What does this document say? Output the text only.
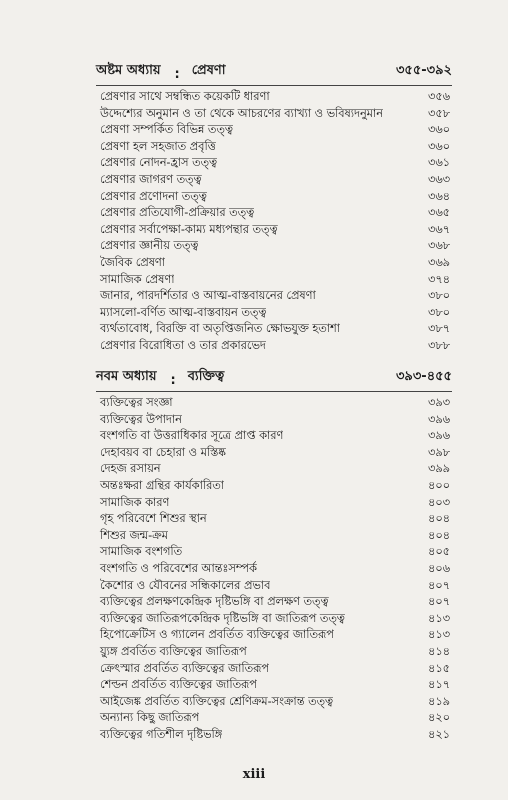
অষ্টম অধ্যায় : প্রেষণা	৩৫৫-৩৯২
প্রেষণার সাথে সম্বন্ধিত কয়েকটি ধারণা	৩৫৬
উদ্দেশ্যের অনুমান ও তা থেকে আচরণের ব্যাখ্যা ও ভবিষ্যদনুমান	৩৫৮
প্রেষণা সম্পর্কিত বিভিন্ন তত্ত্ব	৩৬০
প্রেষণা হল সহজাত প্রবৃত্তি	৩৬০
প্রেষণার নোদন-হ্রাস তত্ত্ব	৩৬১
প্রেষণার জাগরণ তত্ত্ব	৩৬৩
প্রেষণার প্রণোদনা তত্ত্ব	৩৬৪
প্রেষণার প্রতিযোগী-প্রক্রিয়ার তত্ত্ব	৩৬৫
প্রেষণার সর্বাপেক্ষা-কাম্য মধ্যপন্থার তত্ত্ব	৩৬৭
প্রেষণার জ্ঞানীয় তত্ত্ব	৩৬৮
জৈবিক প্রেষণা	৩৬৯
সামাজিক প্রেষণা	৩৭৪
জানার, পারদর্শিতার ও আত্ম-বাস্তবায়নের প্রেষণা	৩৮০
ম্যাসলো-বর্ণিত আত্ম-বাস্তবায়ন তত্ত্ব	৩৮০
ব্যর্থতাবোধ, বিরক্তি বা অতৃপ্তিজনিত ক্ষোভযুক্ত হতাশা	৩৮৭
প্রেষণার বিরোধিতা ও তার প্রকারভেদ	৩৮৮
নবম অধ্যায় : ব্যক্তিত্ব	৩৯৩-৪৫৫
ব্যক্তিত্বের সংজ্ঞা	৩৯৩
ব্যক্তিত্বের উপাদান	৩৯৬
বংশগতি বা উত্তরাধিকার সূত্রে প্রাপ্ত কারণ	৩৯৬
দেহাবয়ব বা চেহারা ও মস্তিষ্ক	৩৯৮
দেহজ রসায়ন	৩৯৯
অন্তঃক্ষরা গ্রন্থির কার্যকারিতা	৪০০
সামাজিক কারণ	৪০৩
গৃহ পরিবেশে শিশুর স্থান	৪০৪
শিশুর জন্ম-ক্রম	৪০৪
সামাজিক বংশগতি	৪০৫
বংশগতি ও পরিবেশের আন্তঃসম্পর্ক	৪০৬
কৈশোর ও যৌবনের সন্ধিকালের প্রভাব	৪০৭
ব্যক্তিত্বের প্রলক্ষণকেন্দ্রিক দৃষ্টিভঙ্গি বা প্রলক্ষণ তত্ত্ব	৪০৭
ব্যক্তিত্বের জাতিরূপকেন্দ্রিক দৃষ্টিভঙ্গি বা জাতিরূপ তত্ত্ব	৪১৩
হিপোক্রেটিস ও গ্যালেন প্রবর্তিত ব্যক্তিত্বের জাতিরূপ	৪১৩
য়্যুঙ্গ প্রবর্তিত ব্যক্তিত্বের জাতিরূপ	৪১৪
ক্রেৎস্মার প্রবর্তিত ব্যক্তিত্বের জাতিরূপ	৪১৫
শেল্ডন প্রবর্তিত ব্যক্তিত্বের জাতিরূপ	৪১৭
আইজেঙ্ক প্রবর্তিত ব্যক্তিত্বের শ্রেণিক্রম-সংক্রান্ত তত্ত্ব	৪১৯
অন্যান্য কিছু জাতিরূপ	৪২০
ব্যক্তিত্বের গতিশীল দৃষ্টিভঙ্গি	৪২১
xiii
